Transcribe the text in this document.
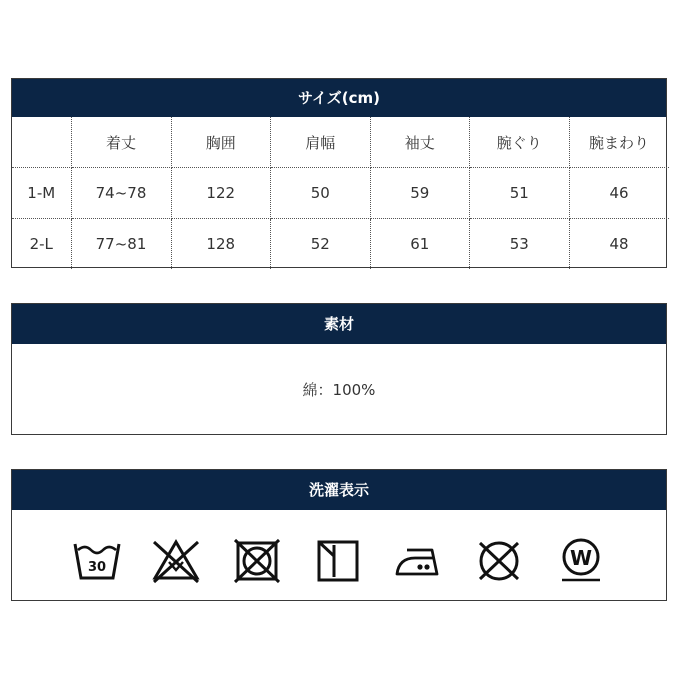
サイズ(cm)
	着丈	胸囲	肩幅	袖丈	腕ぐり	腕まわり
1-M	74~78	122	50	59	51	46
2-L	77~81	128	52	61	53	48
素材
綿：100%
洗濯表示
30	W
